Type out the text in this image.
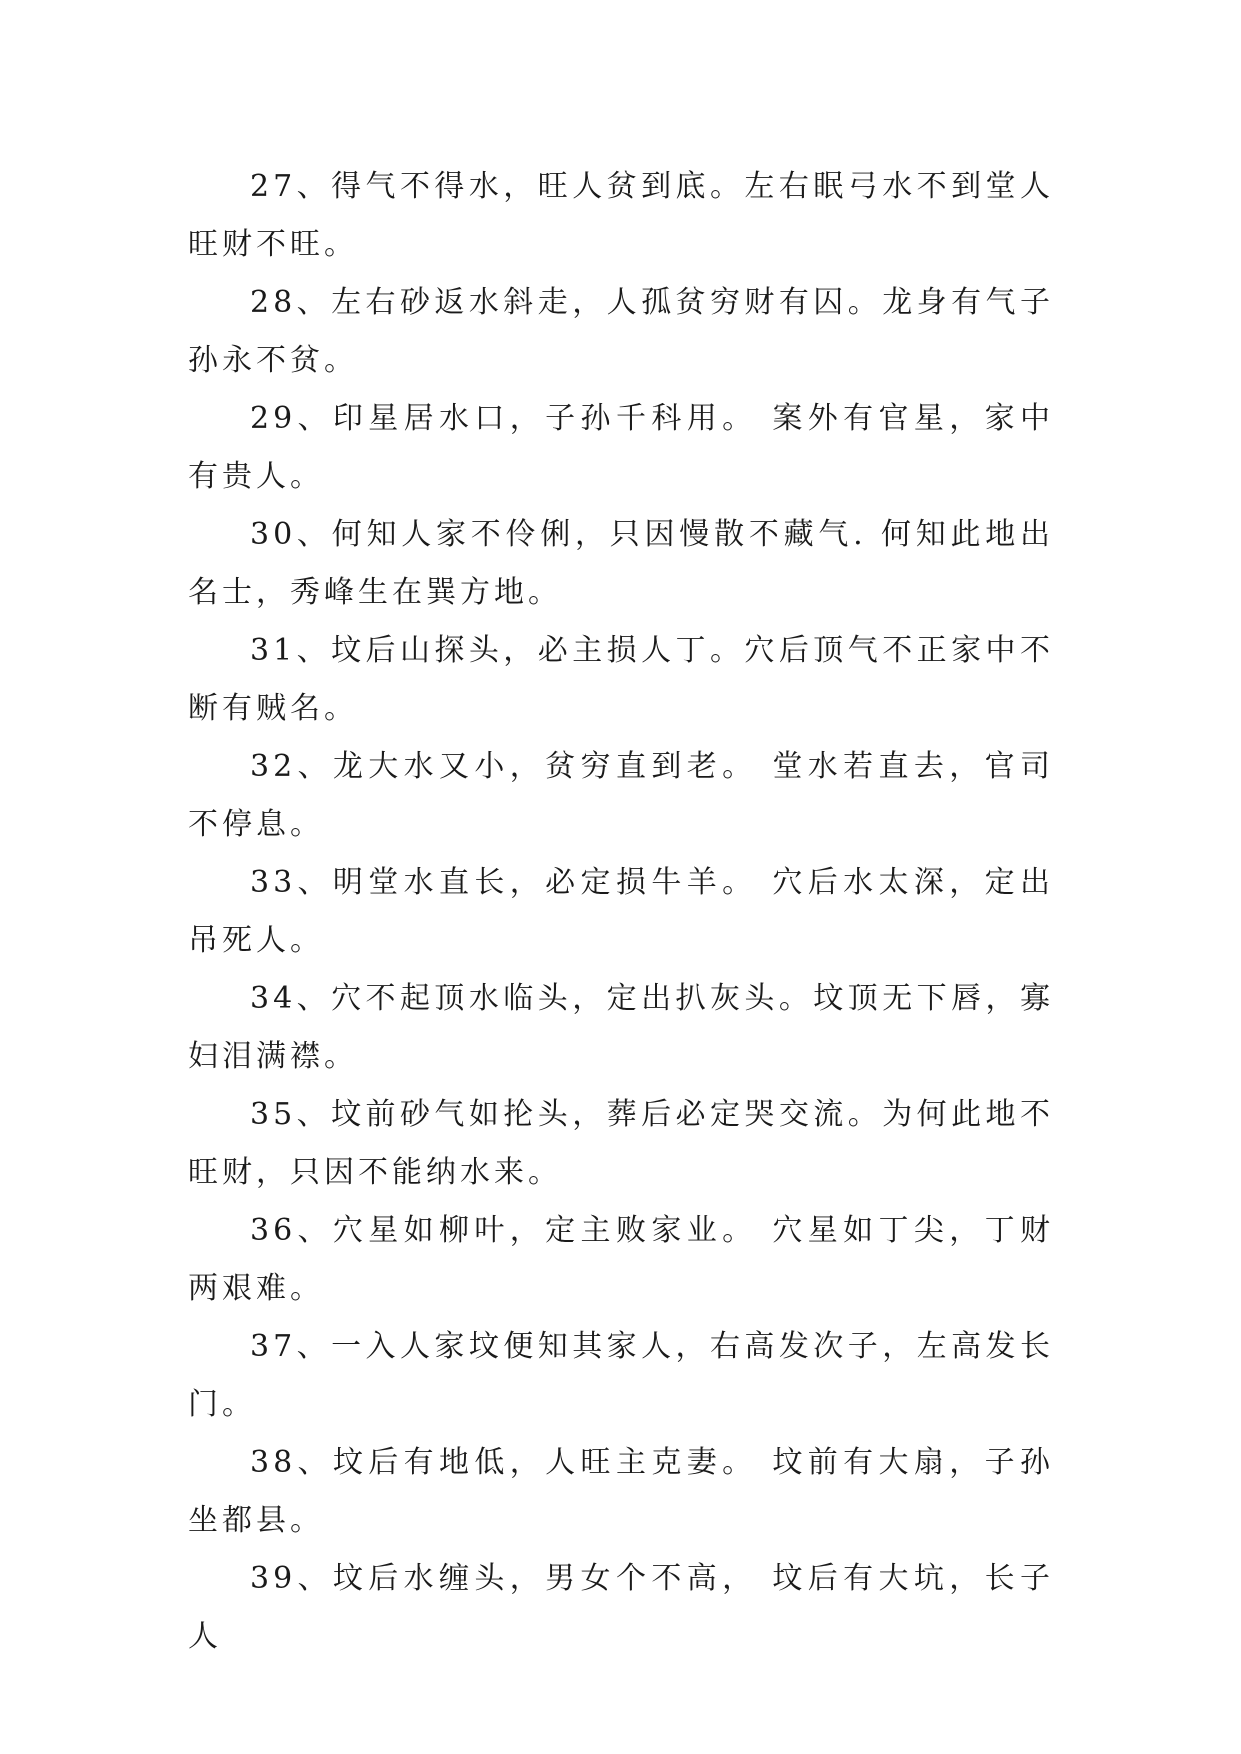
27、得气不得水，旺人贫到底。左右眠弓水不到堂人旺财不旺。

28、左右砂返水斜走，人孤贫穷财有囚。龙身有气子孙永不贫。

29、印星居水口，子孙千科用。 案外有官星，家中有贵人。

30、何知人家不伶俐，只因慢散不藏气. 何知此地出名士，秀峰生在巽方地。

31、坟后山探头，必主损人丁。穴后顶气不正家中不断有贼名。

32、龙大水又小，贫穷直到老。 堂水若直去，官司不停息。

33、明堂水直长，必定损牛羊。 穴后水太深，定出吊死人。

34、穴不起顶水临头，定出扒灰头。坟顶无下唇，寡妇泪满襟。

35、坟前砂气如抡头，葬后必定哭交流。为何此地不旺财，只因不能纳水来。

36、穴星如柳叶，定主败家业。 穴星如丁尖，丁财两艰难。

37、一入人家坟便知其家人，右高发次子，左高发长门。

38、坟后有地低，人旺主克妻。 坟前有大扇，子孙坐都县。

39、坟后水缠头，男女个不高， 坟后有大坑，长子人
